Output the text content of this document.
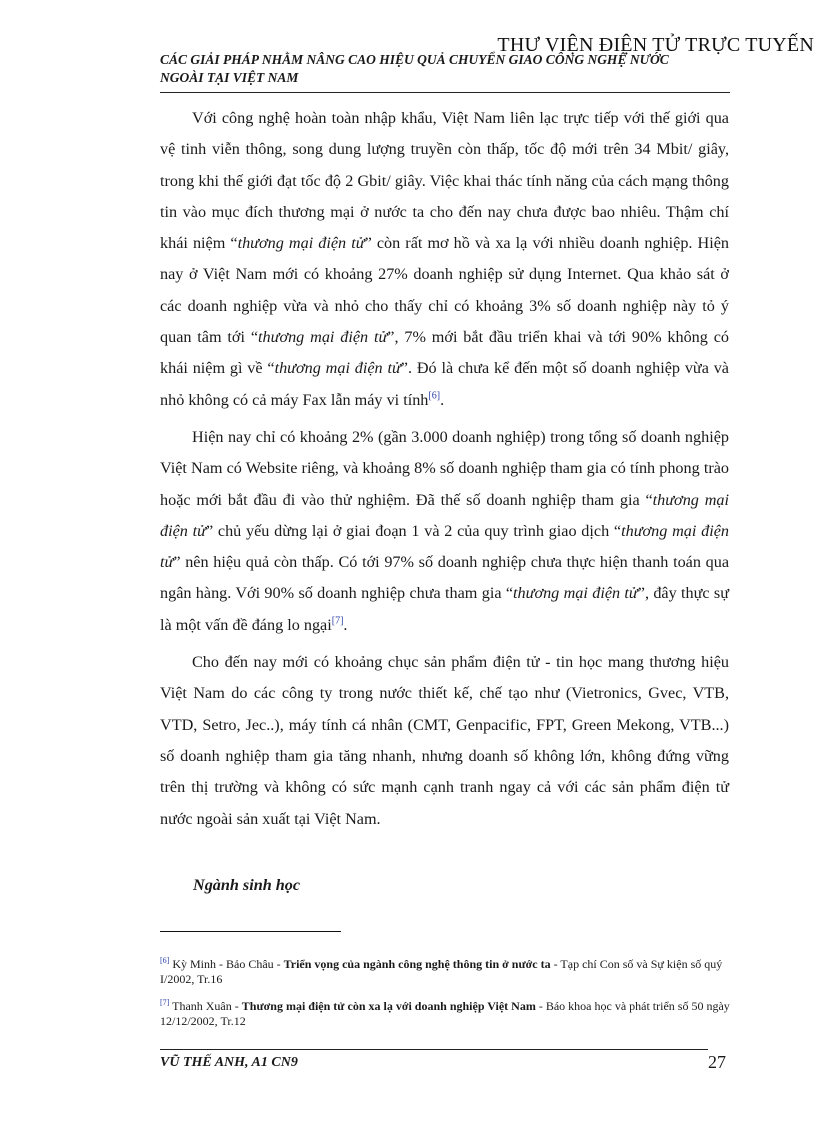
THƯ VIỆN ĐIỆN TỬ TRỰC TUYẾN
CÁC GIẢI PHÁP NHẰM NÂNG CAO HIỆU QUẢ CHUYỂN GIAO CÔNG NGHỆ NƯỚC
NGOÀI TẠI VIỆT NAM

Với công nghệ hoàn toàn nhập khẩu, Việt Nam liên lạc trực tiếp với thế giới qua vệ tinh viễn thông, song dung lượng truyền còn thấp, tốc độ mới trên 34 Mbit/ giây, trong khi thế giới đạt tốc độ 2 Gbit/ giây. Việc khai thác tính năng của cách mạng thông tin vào mục đích thương mại ở nước ta cho đến nay chưa được bao nhiêu. Thậm chí khái niệm “thương mại điện tử” còn rất mơ hồ và xa lạ với nhiều doanh nghiệp. Hiện nay ở Việt Nam mới có khoảng 27% doanh nghiệp sử dụng Internet. Qua khảo sát ở các doanh nghiệp vừa và nhỏ cho thấy chỉ có khoảng 3% số doanh nghiệp này tỏ ý quan tâm tới “thương mại điện tử”, 7% mới bắt đầu triển khai và tới 90% không có khái niệm gì về “thương mại điện tử”. Đó là chưa kể đến một số doanh nghiệp vừa và nhỏ không có cả máy Fax lẫn máy vi tính[6].

Hiện nay chỉ có khoảng 2% (gần 3.000 doanh nghiệp) trong tổng số doanh nghiệp Việt Nam có Website riêng, và khoảng 8% số doanh nghiệp tham gia có tính phong trào hoặc mới bắt đầu đi vào thử nghiệm. Đã thế số doanh nghiệp tham gia “thương mại điện tử” chủ yếu dừng lại ở giai đoạn 1 và 2 của quy trình giao dịch “thương mại điện tử” nên hiệu quả còn thấp. Có tới 97% số doanh nghiệp chưa thực hiện thanh toán qua ngân hàng. Với 90% số doanh nghiệp chưa tham gia “thương mại điện tử”, đây thực sự là một vấn đề đáng lo ngại[7].

Cho đến nay mới có khoảng chục sản phẩm điện tử - tin học mang thương hiệu Việt Nam do các công ty trong nước thiết kế, chế tạo như (Vietronics, Gvec, VTB, VTD, Setro, Jec..), máy tính cá nhân (CMT, Genpacific, FPT, Green Mekong, VTB...) số doanh nghiệp tham gia tăng nhanh, nhưng doanh số không lớn, không đứng vững trên thị trường và không có sức mạnh cạnh tranh ngay cả với các sản phẩm điện tử nước ngoài sản xuất tại Việt Nam.

Ngành sinh học
[6] Kỳ Minh - Bảo Châu - Triển vọng của ngành công nghệ thông tin ở nước ta - Tạp chí Con số và Sự kiện số quý I/2002, Tr.16
[7] Thanh Xuân - Thương mại điện tử còn xa lạ với doanh nghiệp Việt Nam - Báo khoa học và phát triển số 50 ngày 12/12/2002, Tr.12
VŨ THẾ ANH, A1 CN9	27
